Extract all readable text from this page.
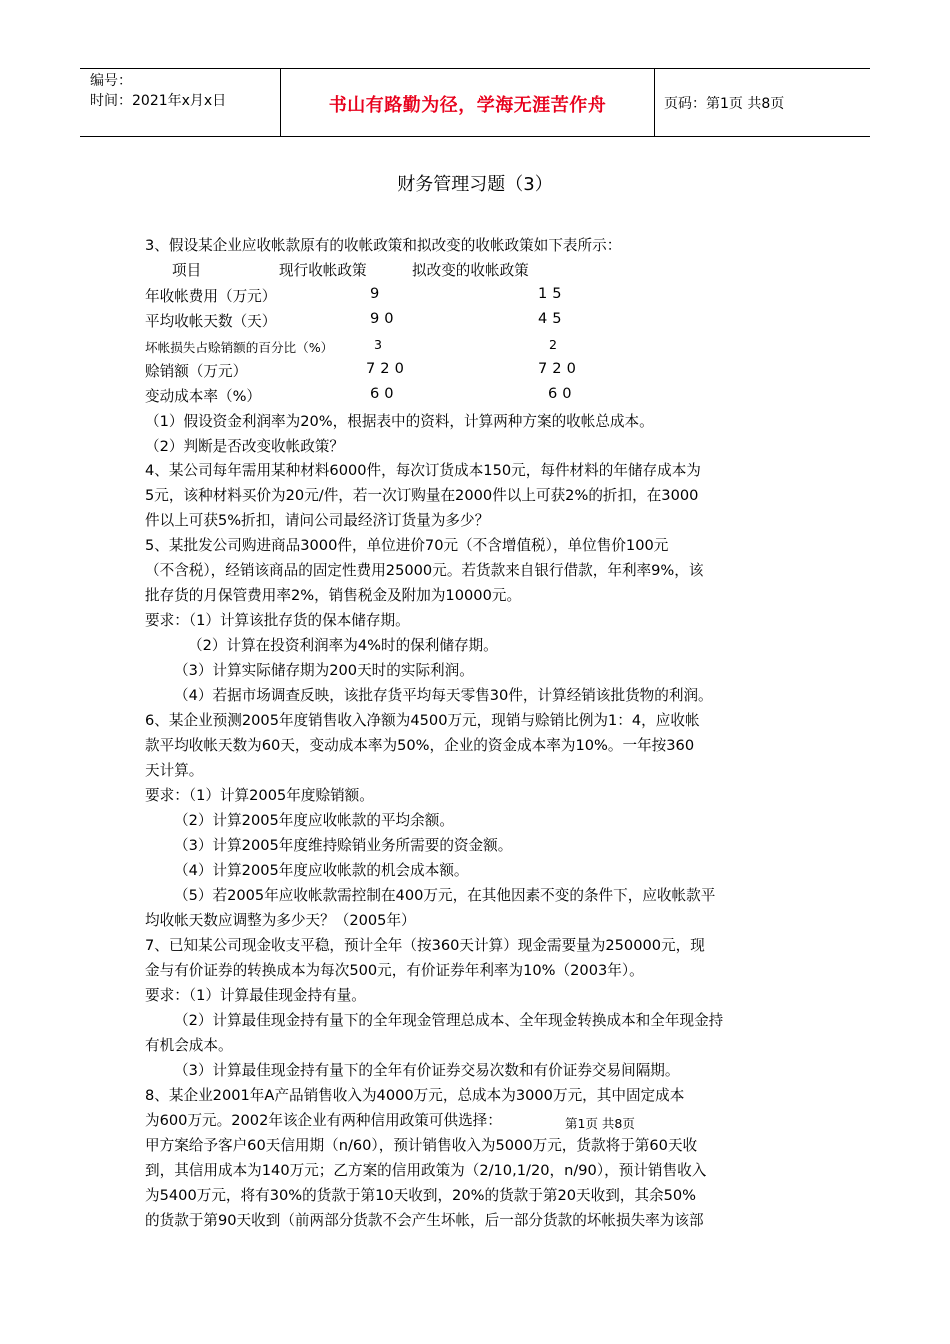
编号：
时间：2021年x月x日	书山有路勤为径，学海无涯苦作舟	页码：第1页 共8页
财务管理习题（3）
3、假设某企业应收帐款原有的收帐政策和拟改变的收帐政策如下表所示：
项目	现行收帐政策	拟改变的收帐政策
年收帐费用（万元）	9	15
平均收帐天数（天）	90	45
坏帐损失占赊销额的百分比（%）	3	2
赊销额（万元）	720	720
变动成本率（%）	60	60
（1）假设资金利润率为20%，根据表中的资料，计算两种方案的收帐总成本。
（2）判断是否改变收帐政策？
4、某公司每年需用某种材料6000件，每次订货成本150元，每件材料的年储存成本为
5元，该种材料买价为20元/件，若一次订购量在2000件以上可获2%的折扣，在3000
件以上可获5%折扣，请问公司最经济订货量为多少？
5、某批发公司购进商品3000件，单位进价70元（不含增值税），单位售价100元
（不含税），经销该商品的固定性费用25000元。若货款来自银行借款，年利率9%，该
批存货的月保管费用率2%，销售税金及附加为10000元。
要求：（1）计算该批存货的保本储存期。
（2）计算在投资利润率为4%时的保利储存期。
（3）计算实际储存期为200天时的实际利润。
（4）若据市场调查反映，该批存货平均每天零售30件，计算经销该批货物的利润。
6、某企业预测2005年度销售收入净额为4500万元，现销与赊销比例为1：4，应收帐
款平均收帐天数为60天，变动成本率为50%，企业的资金成本率为10%。一年按360
天计算。
要求：（1）计算2005年度赊销额。
（2）计算2005年度应收帐款的平均余额。
（3）计算2005年度维持赊销业务所需要的资金额。
（4）计算2005年度应收帐款的机会成本额。
（5）若2005年应收帐款需控制在400万元，在其他因素不变的条件下，应收帐款平
均收帐天数应调整为多少天？（2005年）
7、已知某公司现金收支平稳，预计全年（按360天计算）现金需要量为250000元，现
金与有价证券的转换成本为每次500元，有价证券年利率为10%（2003年）。
要求：（1）计算最佳现金持有量。
（2）计算最佳现金持有量下的全年现金管理总成本、全年现金转换成本和全年现金持
有机会成本。
（3）计算最佳现金持有量下的全年有价证券交易次数和有价证券交易间隔期。
8、某企业2001年A产品销售收入为4000万元，总成本为3000万元，其中固定成本
为600万元。2002年该企业有两种信用政策可供选择：
甲方案给予客户60天信用期（n/60），预计销售收入为5000万元，货款将于第60天收
到，其信用成本为140万元；乙方案的信用政策为（2/10,1/20，n/90），预计销售收入
为5400万元，将有30%的货款于第10天收到，20%的货款于第20天收到，其余50%
的货款于第90天收到（前两部分货款不会产生坏帐，后一部分货款的坏帐损失率为该部
第1页 共8页
